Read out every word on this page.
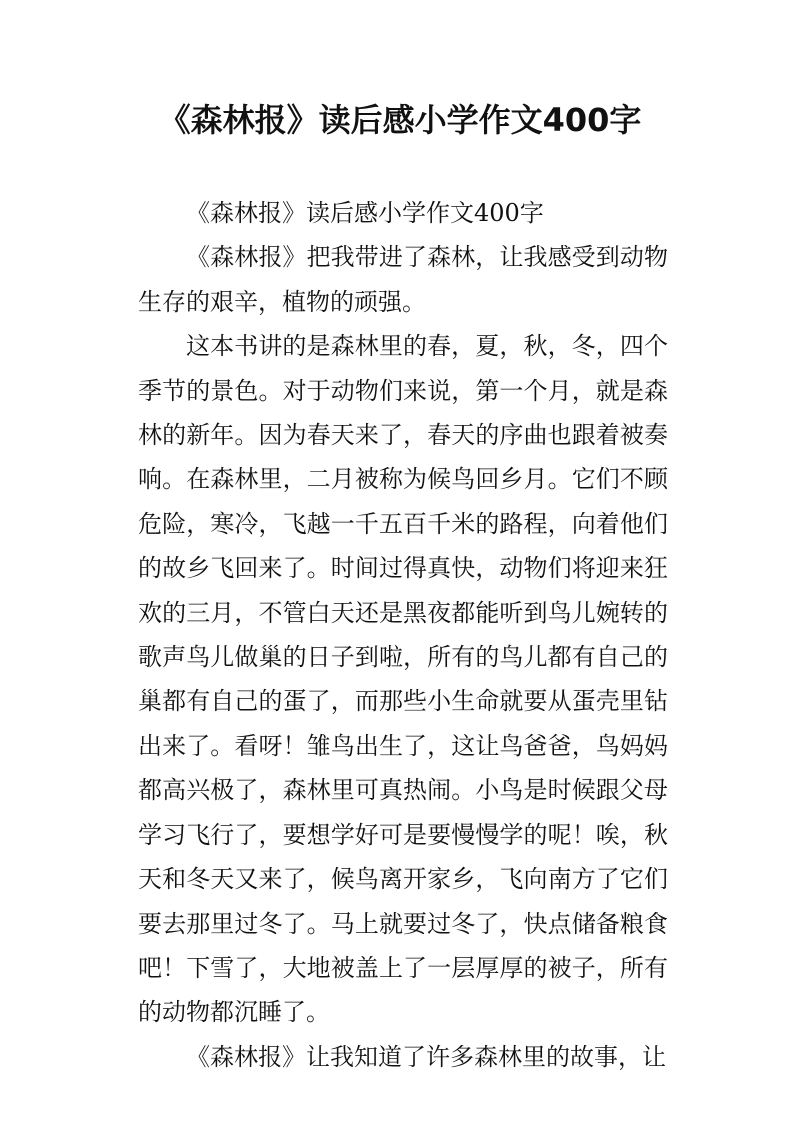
《森林报》读后感小学作文400字

《森林报》读后感小学作文400字

《森林报》把我带进了森林，让我感受到动物生存的艰辛，植物的顽强。

这本书讲的是森林里的春，夏，秋，冬，四个季节的景色。对于动物们来说，第一个月，就是森林的新年。因为春天来了，春天的序曲也跟着被奏响。在森林里，二月被称为候鸟回乡月。它们不顾危险，寒冷，飞越一千五百千米的路程，向着他们的故乡飞回来了。时间过得真快，动物们将迎来狂欢的三月，不管白天还是黑夜都能听到鸟儿婉转的歌声鸟儿做巢的日子到啦，所有的鸟儿都有自己的巢都有自己的蛋了，而那些小生命就要从蛋壳里钻出来了。看呀！雏鸟出生了，这让鸟爸爸，鸟妈妈都高兴极了，森林里可真热闹。小鸟是时候跟父母学习飞行了，要想学好可是要慢慢学的呢！唉，秋天和冬天又来了，候鸟离开家乡，飞向南方了它们要去那里过冬了。马上就要过冬了，快点储备粮食吧！下雪了，大地被盖上了一层厚厚的被子，所有的动物都沉睡了。

《森林报》让我知道了许多森林里的故事，让
